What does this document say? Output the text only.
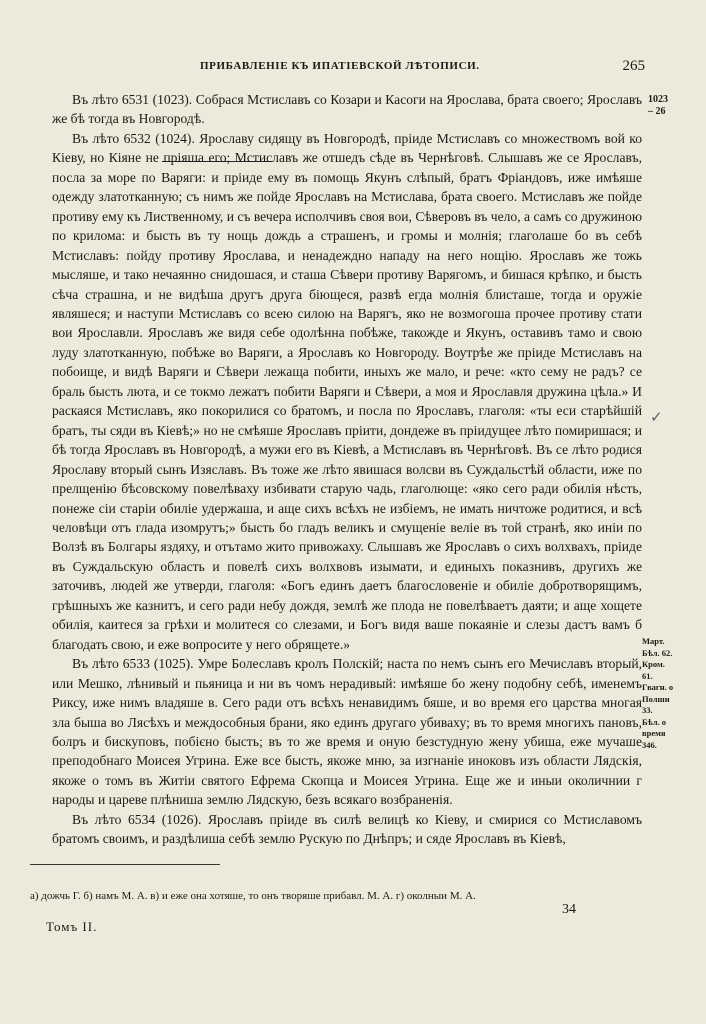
ПРИБАВЛЕНІЕ КЪ ИПАТІЕВСКОЙ ЛѢТОПИСИ.	265
1023
– 26
Март.
Бѣл. 62.
Кром.
61.
Гвагн. о
Полши
33.
Бѣл. о
время
346.
✓

Въ лѣто 6531 (1023). Собрася Мстиславъ со Козари и Касоги на Ярослава, брата своего; Ярославъ же бѣ тогда въ Новгородѣ.

Въ лѣто 6532 (1024). Ярославу сидящу въ Новгородѣ, пріиде Мстиславъ со множествомъ вой ко Кіеву, но Кіяне не пріяша его; Мстиславъ же отшедъ сѣде въ Чернѣговѣ. Слышавъ же се Ярославъ, посла за море по Варяги: и пріиде ему въ помощь Якунъ слѣпый, братъ Фріандовъ, иже имѣяше одежду златотканную; съ нимъ же пойде Ярославъ на Мстислава, брата своего. Мстиславъ же пойде противу ему къ Лиственному, и съ вечера исполчивъ своя вои, Сѣверовъ въ чело, а самъ со дружиною по крилома: и бысть въ ту нощь дождь а страшенъ, и громы и молнія; глаголаше бо въ себѣ Мстиславъ: пойду противу Ярослава, и ненадеждно нападу на него нощію. Ярославъ же тожь мысляше, и тако нечаянно снидошася, и сташа Сѣвери противу Варягомъ, и бишася крѣпко, и бысть сѣча страшна, и не видѣша другъ друга біющеся, развѣ егда молнія блисташе, тогда и оружіе являшеся; и наступи Мстиславъ со всею силою на Варягъ, яко не возмогоша прочее противу стати вои Ярославли. Ярославъ же видя себе одолѣнна побѣже, такожде и Якунъ, оставивъ тамо и свою луду златотканную, побѣже во Варяги, а Ярославъ ко Новгороду. Воутрѣе же пріиде Мстиславъ на побоище, и видѣ Варяги и Сѣвери лежаща побити, иныхъ же мало, и рече: «кто сему не радъ? се браль бысть люта, и се токмо лежатъ побити Варяги и Сѣвери, а моя и Ярославля дружина цѣла.» И раскаяся Мстиславъ, яко покорилися со братомъ, и посла по Ярославъ, глаголя: «ты еси старѣйшій братъ, ты сяди въ Кіевѣ;» но не смѣяше Ярославъ пріити, дондеже въ пріидущее лѣто помиришася; и бѣ тогда Ярославъ въ Новгородѣ, а мужи его въ Кіевѣ, а Мстиславъ въ Чернѣговѣ. Въ се лѣто родися Ярославу вторый сынъ Изяславъ. Въ тоже же лѣто явишася волсви въ Суждальстѣй области, иже по прелщенію бѣсовскому повелѣваху избивати старую чадь, глаголюще: «яко сего ради обилія нѣсть, понеже сіи старіи обиліе удержаша, и аще сихъ всѣхъ не избіемъ, не имать ничтоже родитися, и всѣ человѣци отъ глада изомрутъ;» бысть бо гладъ великъ и смущеніе веліе въ той странѣ, яко иніи по Волзѣ въ Болгары яздяху, и отътамо жито привожаху. Слышавъ же Ярославъ о сихъ волхвахъ, пріиде въ Суждальскую область и повелѣ сихъ волхвовъ изымати, и единыхъ показнивъ, другихъ же заточивъ, людей же утверди, глаголя: «Богъ единъ даетъ благословеніе и обиліе добротворящимъ, грѣшныхъ же казнитъ, и сего ради небу дождя, землѣ же плода не повелѣваетъ даяти; и аще хощете обилія, каитеся за грѣхи и молитеся со слезами, и Богъ видя ваше покаяніе и слезы дастъ вамъ б благодать свою, и еже вопросите у него обрящете.»

Въ лѣто 6533 (1025). Умре Болеславъ кролъ Полскій; наста по немъ сынъ его Мечиславъ вторый, или Мешко, лѣнивый и пьяница и ни въ чомъ нерадивый: имѣяше бо жену подобну себѣ, именемъ Риксу, иже нимъ владяше в. Сего ради отъ всѣхъ ненавидимъ бяше, и во время его царства многая зла быша во Лясѣхъ и междособныя брани, яко единъ другаго убиваху; въ то время многихъ пановъ, болръ и бискуповъ, побієно бысть; въ то же время и оную безстудную жену убиша, еже мучаше преподобнаго Моисея Угрина. Еже все бысть, якоже мню, за изгнаніе иноковъ изъ области Лядскія, якоже о томъ въ Житіи святого Ефрема Скопца и Моисея Угрина. Еще же и иныи околичнии г народы и цареве плѣниша землю Лядскую, безъ всякаго возбраненія.

Въ лѣто 6534 (1026). Ярославъ пріиде въ силѣ велицѣ ко Кіеву, и смирися со Мстиславомъ братомъ своимъ, и раздѣлиша себѣ землю Рускую по Днѣпръ; и сяде Ярославъ въ Кіевѣ,

а) дожчь Г. б) намъ М. А. в) и еже она хотяше, то онъ творяше прибавл. М. А. г) околныи М. А.
Томъ II.
34
